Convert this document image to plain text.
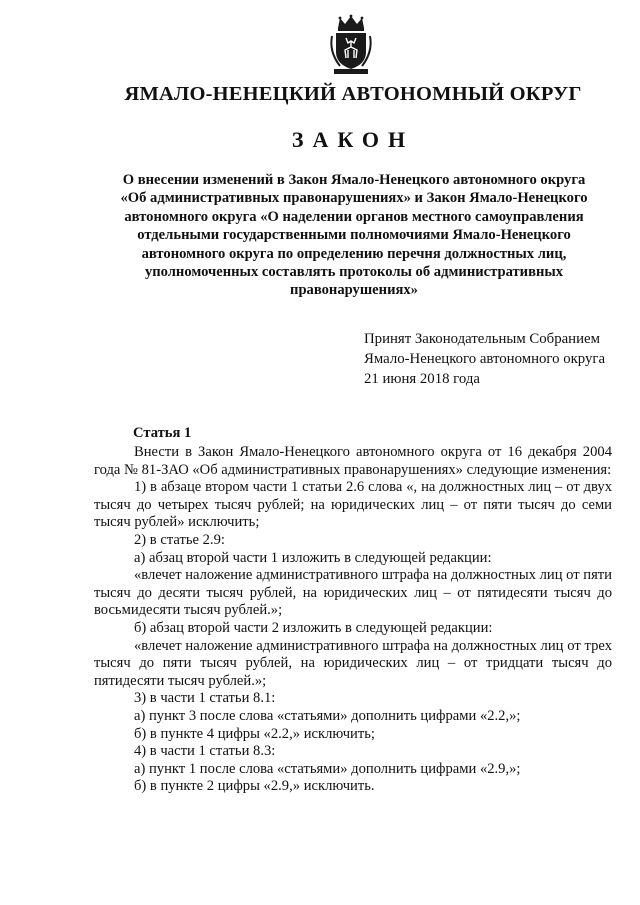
ЯМАЛО-НЕНЕЦКИЙ АВТОНОМНЫЙ ОКРУГ
ЗАКОН
О внесении изменений в Закон Ямало-Ненецкого автономного округа
«Об административных правонарушениях» и Закон Ямало-Ненецкого
автономного округа «О наделении органов местного самоуправления
отдельными государственными полномочиями Ямало-Ненецкого
автономного округа по определению перечня должностных лиц,
уполномоченных составлять протоколы об административных
правонарушениях»
Принят Законодательным Собранием
Ямало-Ненецкого автономного округа
21 июня 2018 года
Статья 1

Внести в Закон Ямало-Ненецкого автономного округа от 16 декабря 2004 года № 81-ЗАО «Об административных правонарушениях» следующие изменения:

1) в абзаце втором части 1 статьи 2.6 слова «, на должностных лиц – от двух тысяч до четырех тысяч рублей; на юридических лиц – от пяти тысяч до семи тысяч рублей» исключить;

2) в статье 2.9:

а) абзац второй части 1 изложить в следующей редакции:

«влечет наложение административного штрафа на должностных лиц от пяти тысяч до десяти тысяч рублей, на юридических лиц – от пятидесяти тысяч до восьмидесяти тысяч рублей.»;

б) абзац второй части 2 изложить в следующей редакции:

«влечет наложение административного штрафа на должностных лиц от трех тысяч до пяти тысяч рублей, на юридических лиц – от тридцати тысяч до пятидесяти тысяч рублей.»;

3) в части 1 статьи 8.1:

а) пункт 3 после слова «статьями» дополнить цифрами «2.2,»;

б) в пункте 4 цифры «2.2,» исключить;

4) в части 1 статьи 8.3:

а) пункт 1 после слова «статьями» дополнить цифрами «2.9,»;

б) в пункте 2 цифры «2.9,» исключить.
